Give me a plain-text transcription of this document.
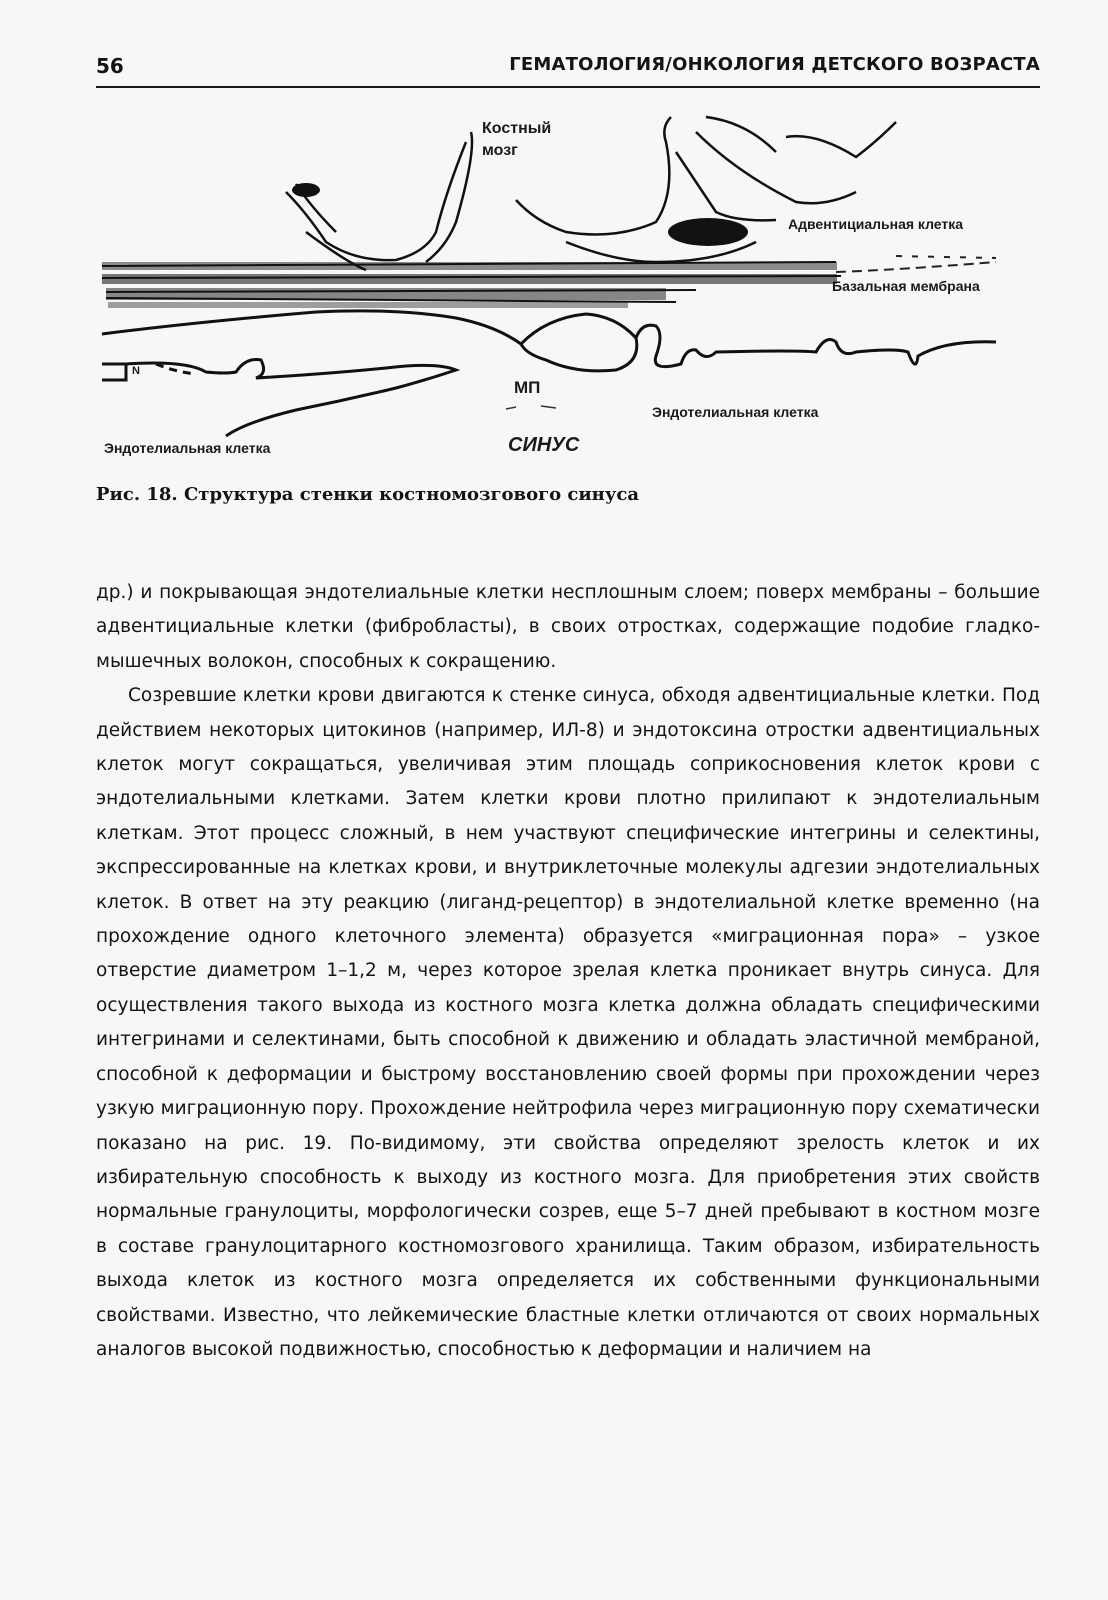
56	ГЕМАТОЛОГИЯ/ОНКОЛОГИЯ ДЕТСКОГО ВОЗРАСТА
Костный мозг
Адвентициальная клетка
Базальная мембрана
N
МП
Эндотелиальная клетка
Эндотелиальная клетка	СИНУС
Рис. 18. Структура стенки костномозгового синуса

др.) и покрывающая эндотелиальные клетки несплошным слоем; поверх мембраны – большие адвентициальные клетки (фибробласты), в своих отростках, содержащие подобие гладко-мышечных волокон, способных к сокращению.

Созревшие клетки крови двигаются к стенке синуса, обходя адвентициальные клетки. Под действием некоторых цитокинов (например, ИЛ-8) и эндотоксина отростки адвентициальных клеток могут сокращаться, увеличивая этим площадь соприкосновения клеток крови с эндотелиальными клетками. Затем клетки крови плотно прилипают к эндотелиальным клеткам. Этот процесс сложный, в нем участвуют специфические интегрины и селектины, экспрессированные на клетках крови, и внутриклеточные молекулы адгезии эндотелиальных клеток. В ответ на эту реакцию (лиганд-рецептор) в эндотелиальной клетке временно (на прохождение одного клеточного элемента) образуется «миграционная пора» – узкое отверстие диаметром 1–1,2 м, через которое зрелая клетка проникает внутрь синуса. Для осуществления такого выхода из костного мозга клетка должна обладать специфическими интегринами и селектинами, быть способной к движению и обладать эластичной мембраной, способной к деформации и быстрому восстановлению своей формы при прохождении через узкую миграционную пору. Прохождение нейтрофила через миграционную пору схематически показано на рис. 19. По-видимому, эти свойства определяют зрелость клеток и их избирательную способность к выходу из костного мозга. Для приобретения этих свойств нормальные гранулоциты, морфологически созрев, еще 5–7 дней пребывают в костном мозге в составе гранулоцитарного костномозгового хранилища. Таким образом, избирательность выхода клеток из костного мозга определяется их собственными функциональными свойствами. Известно, что лейкемические бластные клетки отличаются от своих нормальных аналогов высокой подвижностью, способностью к деформации и наличием на
